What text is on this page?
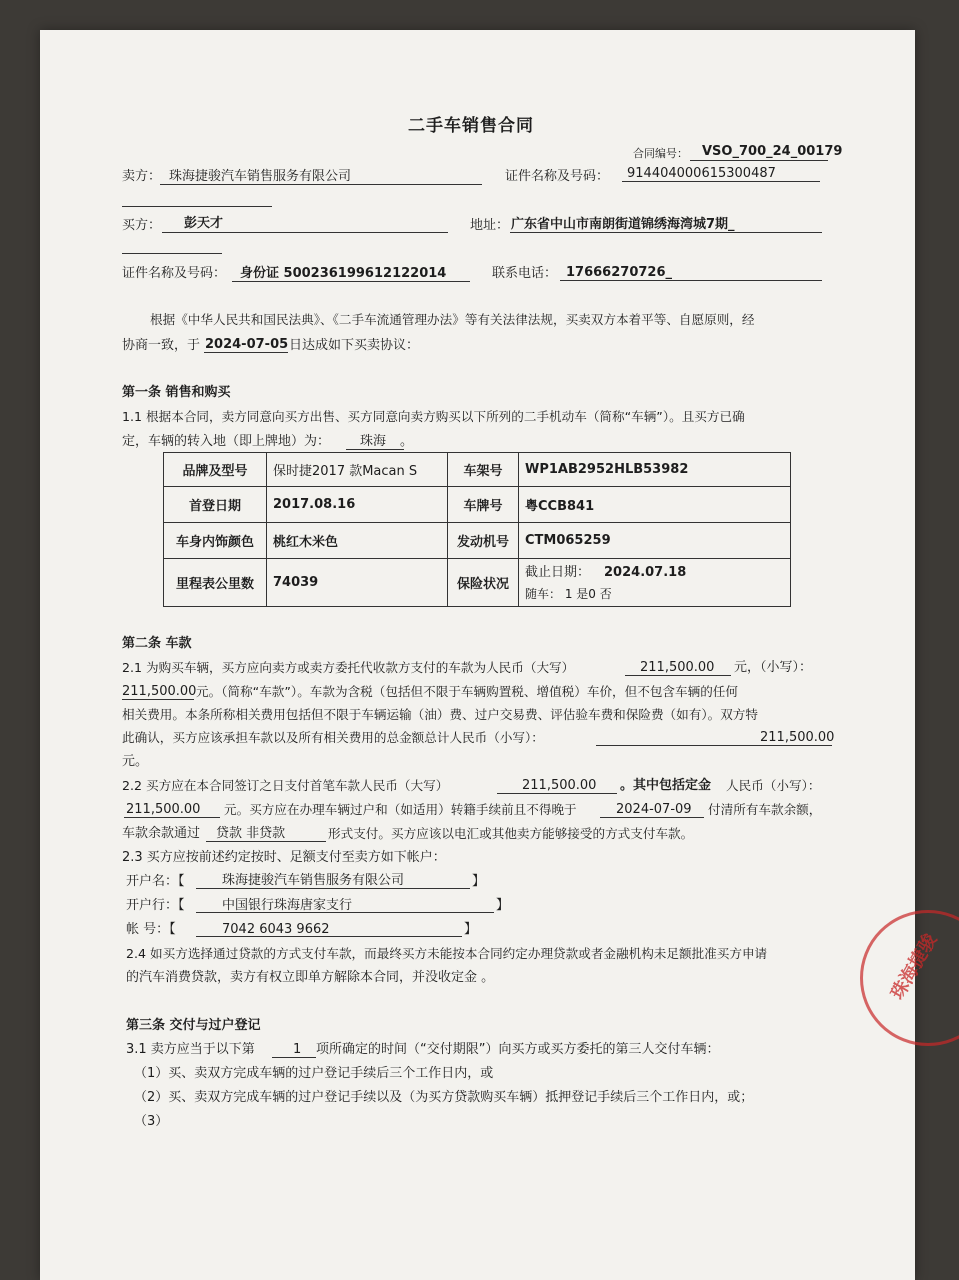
二手车销售合同
合同编号： VSO_700_24_00179
卖方： 珠海捷骏汽车销售服务有限公司	证件名称及号码： 914404000615300487
买方： 彭天才	地址： 广东省中山市南朗街道锦绣海湾城7期_
证件名称及号码： 身份证 500236199612122014	联系电话： 17666270726_
根据《中华人民共和国民法典》、《二手车流通管理办法》等有关法律法规，买卖双方本着平等、自愿原则，经
协商一致，于 2024-07-05 日达成如下买卖协议：
第一条 销售和购买
1.1 根据本合同，卖方同意向买方出售、买方同意向卖方购买以下所列的二手机动车（简称“车辆”）。且买方已确
定，车辆的转入地（即上牌地）为： 珠海 。
品牌及型号	保时捷2017 款Macan S	车架号	WP1AB2952HLB53982
首登日期	2017.08.16	车牌号	粤CCB841
车身内饰颜色	桃红木米色	发动机号	CTM065259
里程表公里数	74039	保险状况	截止日期： 2024.07.18
随车： 1 是0 否
第二条 车款
2.1 为购买车辆，买方应向卖方或卖方委托代收款方支付的车款为人民币（大写）	211,500.00 元，（小写）：
211,500.00 元。（简称“车款”）。车款为含税（包括但不限于车辆购置税、增值税）车价，但不包含车辆的任何
相关费用。本条所称相关费用包括但不限于车辆运输（油）费、过户交易费、评估验车费和保险费（如有）。双方特
此确认，买方应该承担车款以及所有相关费用的总金额总计人民币（小写）：	211,500.00
元。
2.2 买方应在本合同签订之日支付首笔车款人民币（大写）	211,500.00 。其中包括定金 人民币（小写）：
211,500.00 元。买方应在办理车辆过户和（如适用）转籍手续前且不得晚于	2024-07-09 付清所有车款余额，
车款余款通过 贷款 非贷款	形式支付。买方应该以电汇或其他卖方能够接受的方式支付车款。
2.3 买方应按前述约定按时、足额支付至卖方如下帐户：
开户名：【	珠海捷骏汽车销售服务有限公司	】
开户行：【	中国银行珠海唐家支行	】
帐 号：【	7042 6043 9662	】
2.4 如买方选择通过贷款的方式支付车款，而最终买方未能按本合同约定办理贷款或者金融机构未足额批准买方申请
的汽车消费贷款，卖方有权立即单方解除本合同，并没收定金 。
第三条 交付与过户登记
3.1 卖方应当于以下第	1 项所确定的时间（“交付期限”）向买方或买方委托的第三人交付车辆：
（1）买、卖双方完成车辆的过户登记手续后三个工作日内，或
（2）买、卖双方完成车辆的过户登记手续以及（为买方贷款购买车辆）抵押登记手续后三个工作日内，或；
（3）
珠海捷骏
